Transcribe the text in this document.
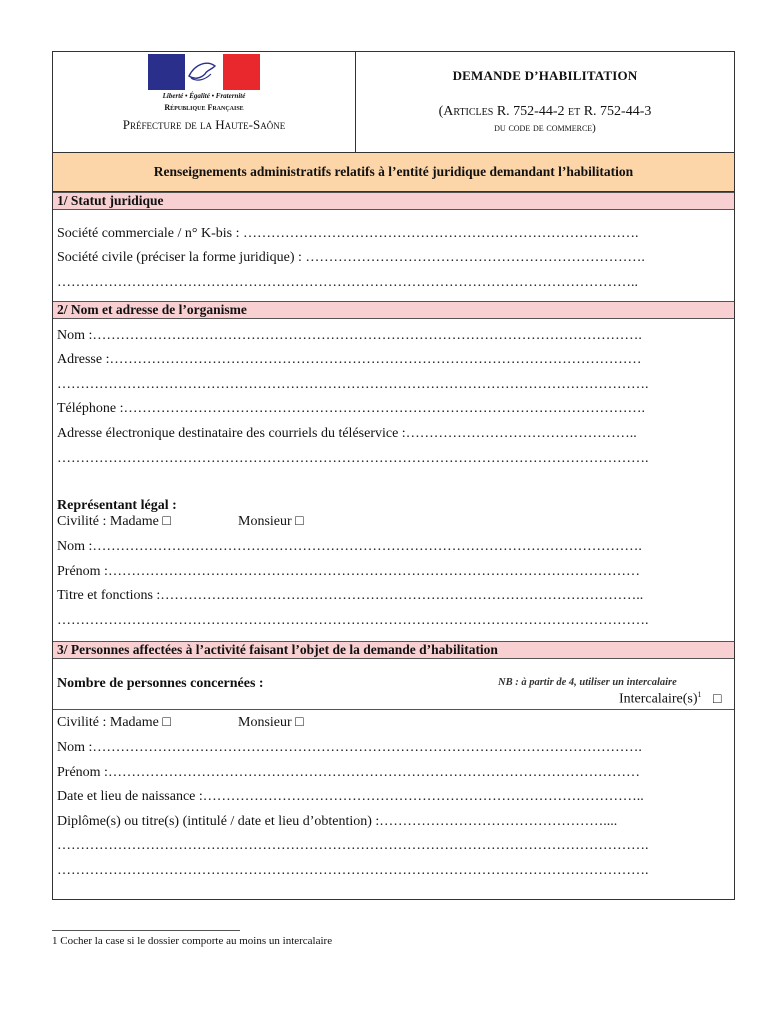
Liberté • Égalité • Fraternité
République Française
Préfecture de la Haute-Saône
DEMANDE D’HABILITATION
(Articles R. 752-44-2 et R. 752-44-3
du code de commerce)
Renseignements administratifs relatifs à l’entité juridique demandant l’habilitation
1/ Statut juridique
Société commerciale / n° K-bis : ………………………………………………………………………….
Société civile (préciser la forme juridique) : ……………………………………………………………….
……………………………………………………………………………………………………………..
2/ Nom et adresse de l’organisme
Nom :……………………………………………………………………………………………………….
Adresse :……………………………………………………………………………………………………
……………………………………………………………………………………………………………….
Téléphone :………………………………………………………………………………………………….
Adresse électronique destinataire des courriels du téléservice :…………………………………………..
……………………………………………………………………………………………………………….
Représentant légal :
Civilité : Madame □	Monsieur □
Nom :……………………………………………………………………………………………………….
Prénom :……………………………………………………………………………………………………
Titre et fonctions :…………………………………………………………………………………………..
……………………………………………………………………………………………………………….
3/ Personnes affectées à l’activité faisant l’objet de la demande d’habilitation
Nombre de personnes concernées :	NB : à partir de 4, utiliser un intercalaire
$Intercalaire(s)^1$ □
Civilité : Madame □	Monsieur □
Nom :……………………………………………………………………………………………………….
Prénom :……………………………………………………………………………………………………
Date et lieu de naissance :…………………………………………………………………………………..
Diplôme(s) ou titre(s) (intitulé / date et lieu d’obtention) :…………………………………………....
……………………………………………………………………………………………………………….
……………………………………………………………………………………………………………….
1 Cocher la case si le dossier comporte au moins un intercalaire
